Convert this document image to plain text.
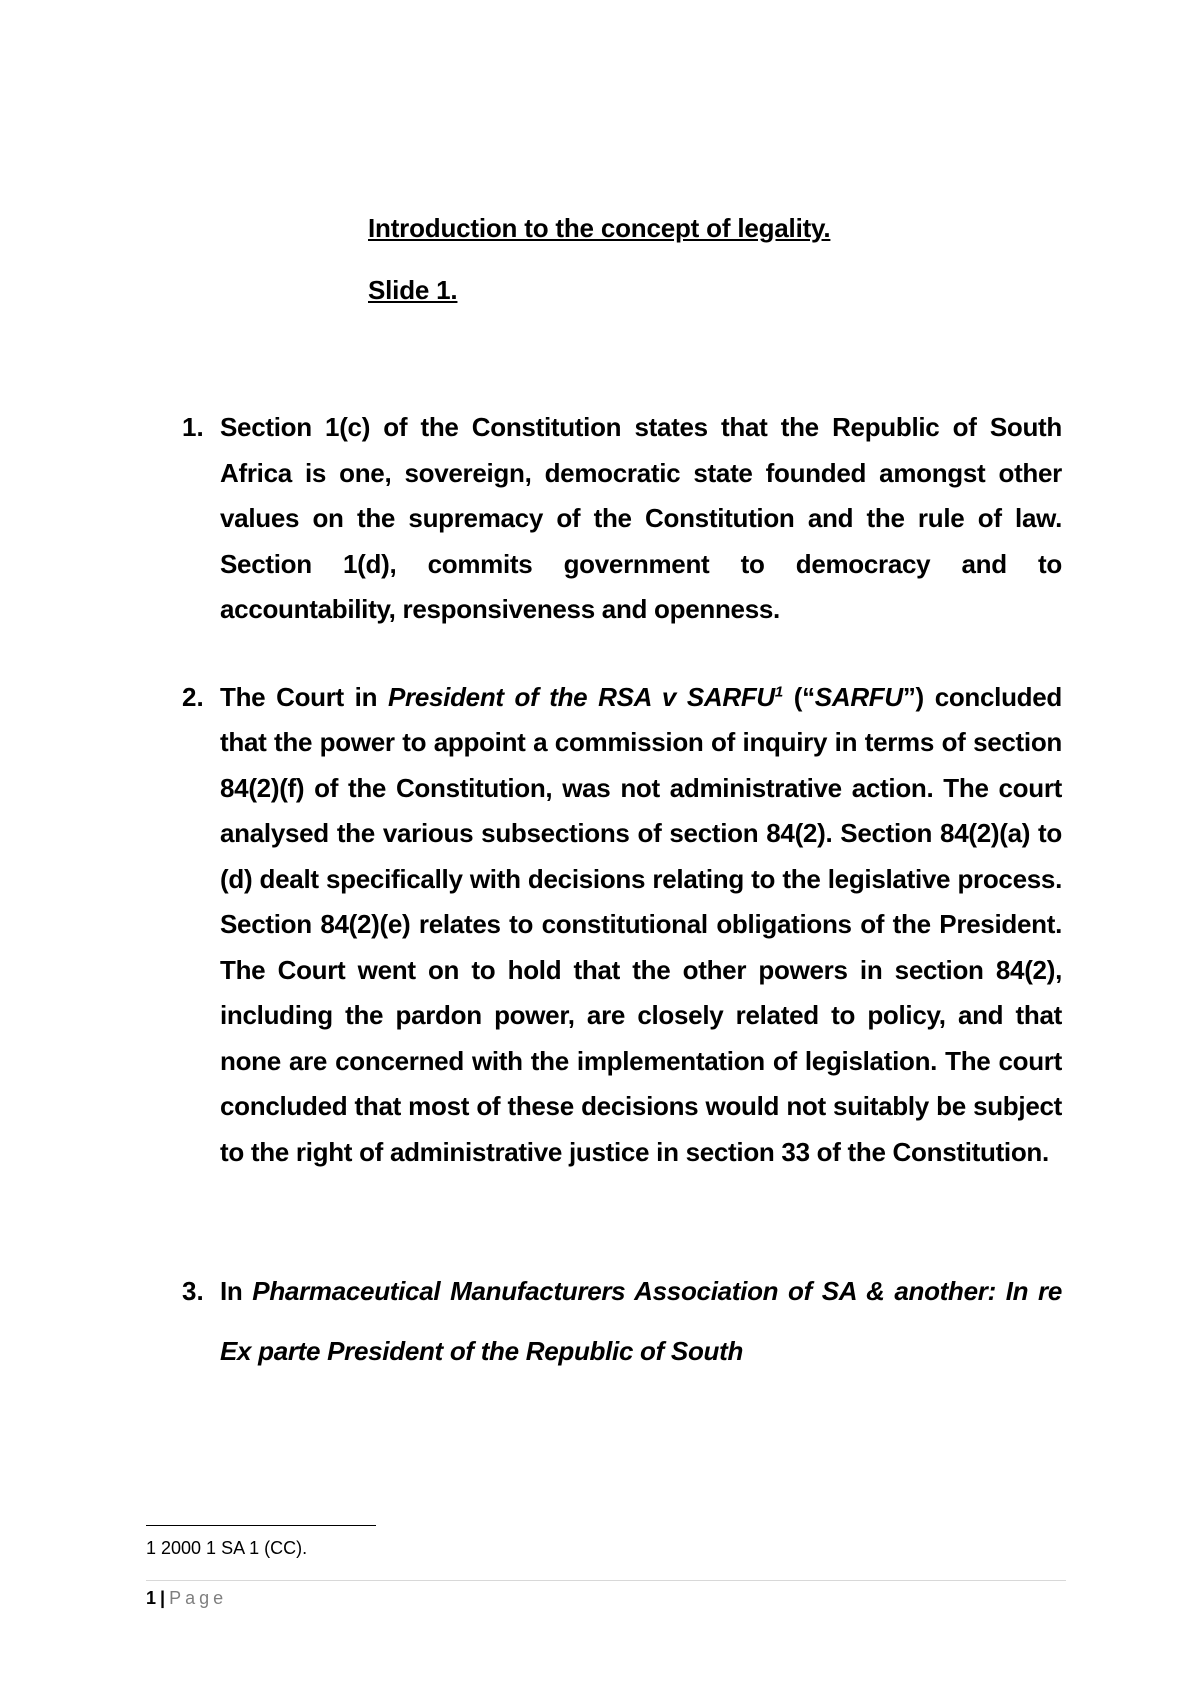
Introduction to the concept of legality.

Slide 1.

1. Section 1(c) of the Constitution states that the Republic of South Africa is one, sovereign, democratic state founded amongst other values on the supremacy of the Constitution and the rule of law. Section 1(d), commits government to democracy and to accountability, responsiveness and openness.

2. The Court in President of the RSA v SARFU$^1$ (“SARFU”) concluded that the power to appoint a commission of inquiry in terms of section 84(2)(f) of the Constitution, was not administrative action. The court analysed the various subsections of section 84(2). Section 84(2)(a) to (d) dealt specifically with decisions relating to the legislative process. Section 84(2)(e) relates to constitutional obligations of the President. The Court went on to hold that the other powers in section 84(2), including the pardon power, are closely related to policy, and that none are concerned with the implementation of legislation. The court concluded that most of these decisions would not suitably be subject to the right of administrative justice in section 33 of the Constitution.

3. In Pharmaceutical Manufacturers Association of SA & another: In re Ex parte President of the Republic of South

1 2000 1 SA 1 (CC).

1 | Page
